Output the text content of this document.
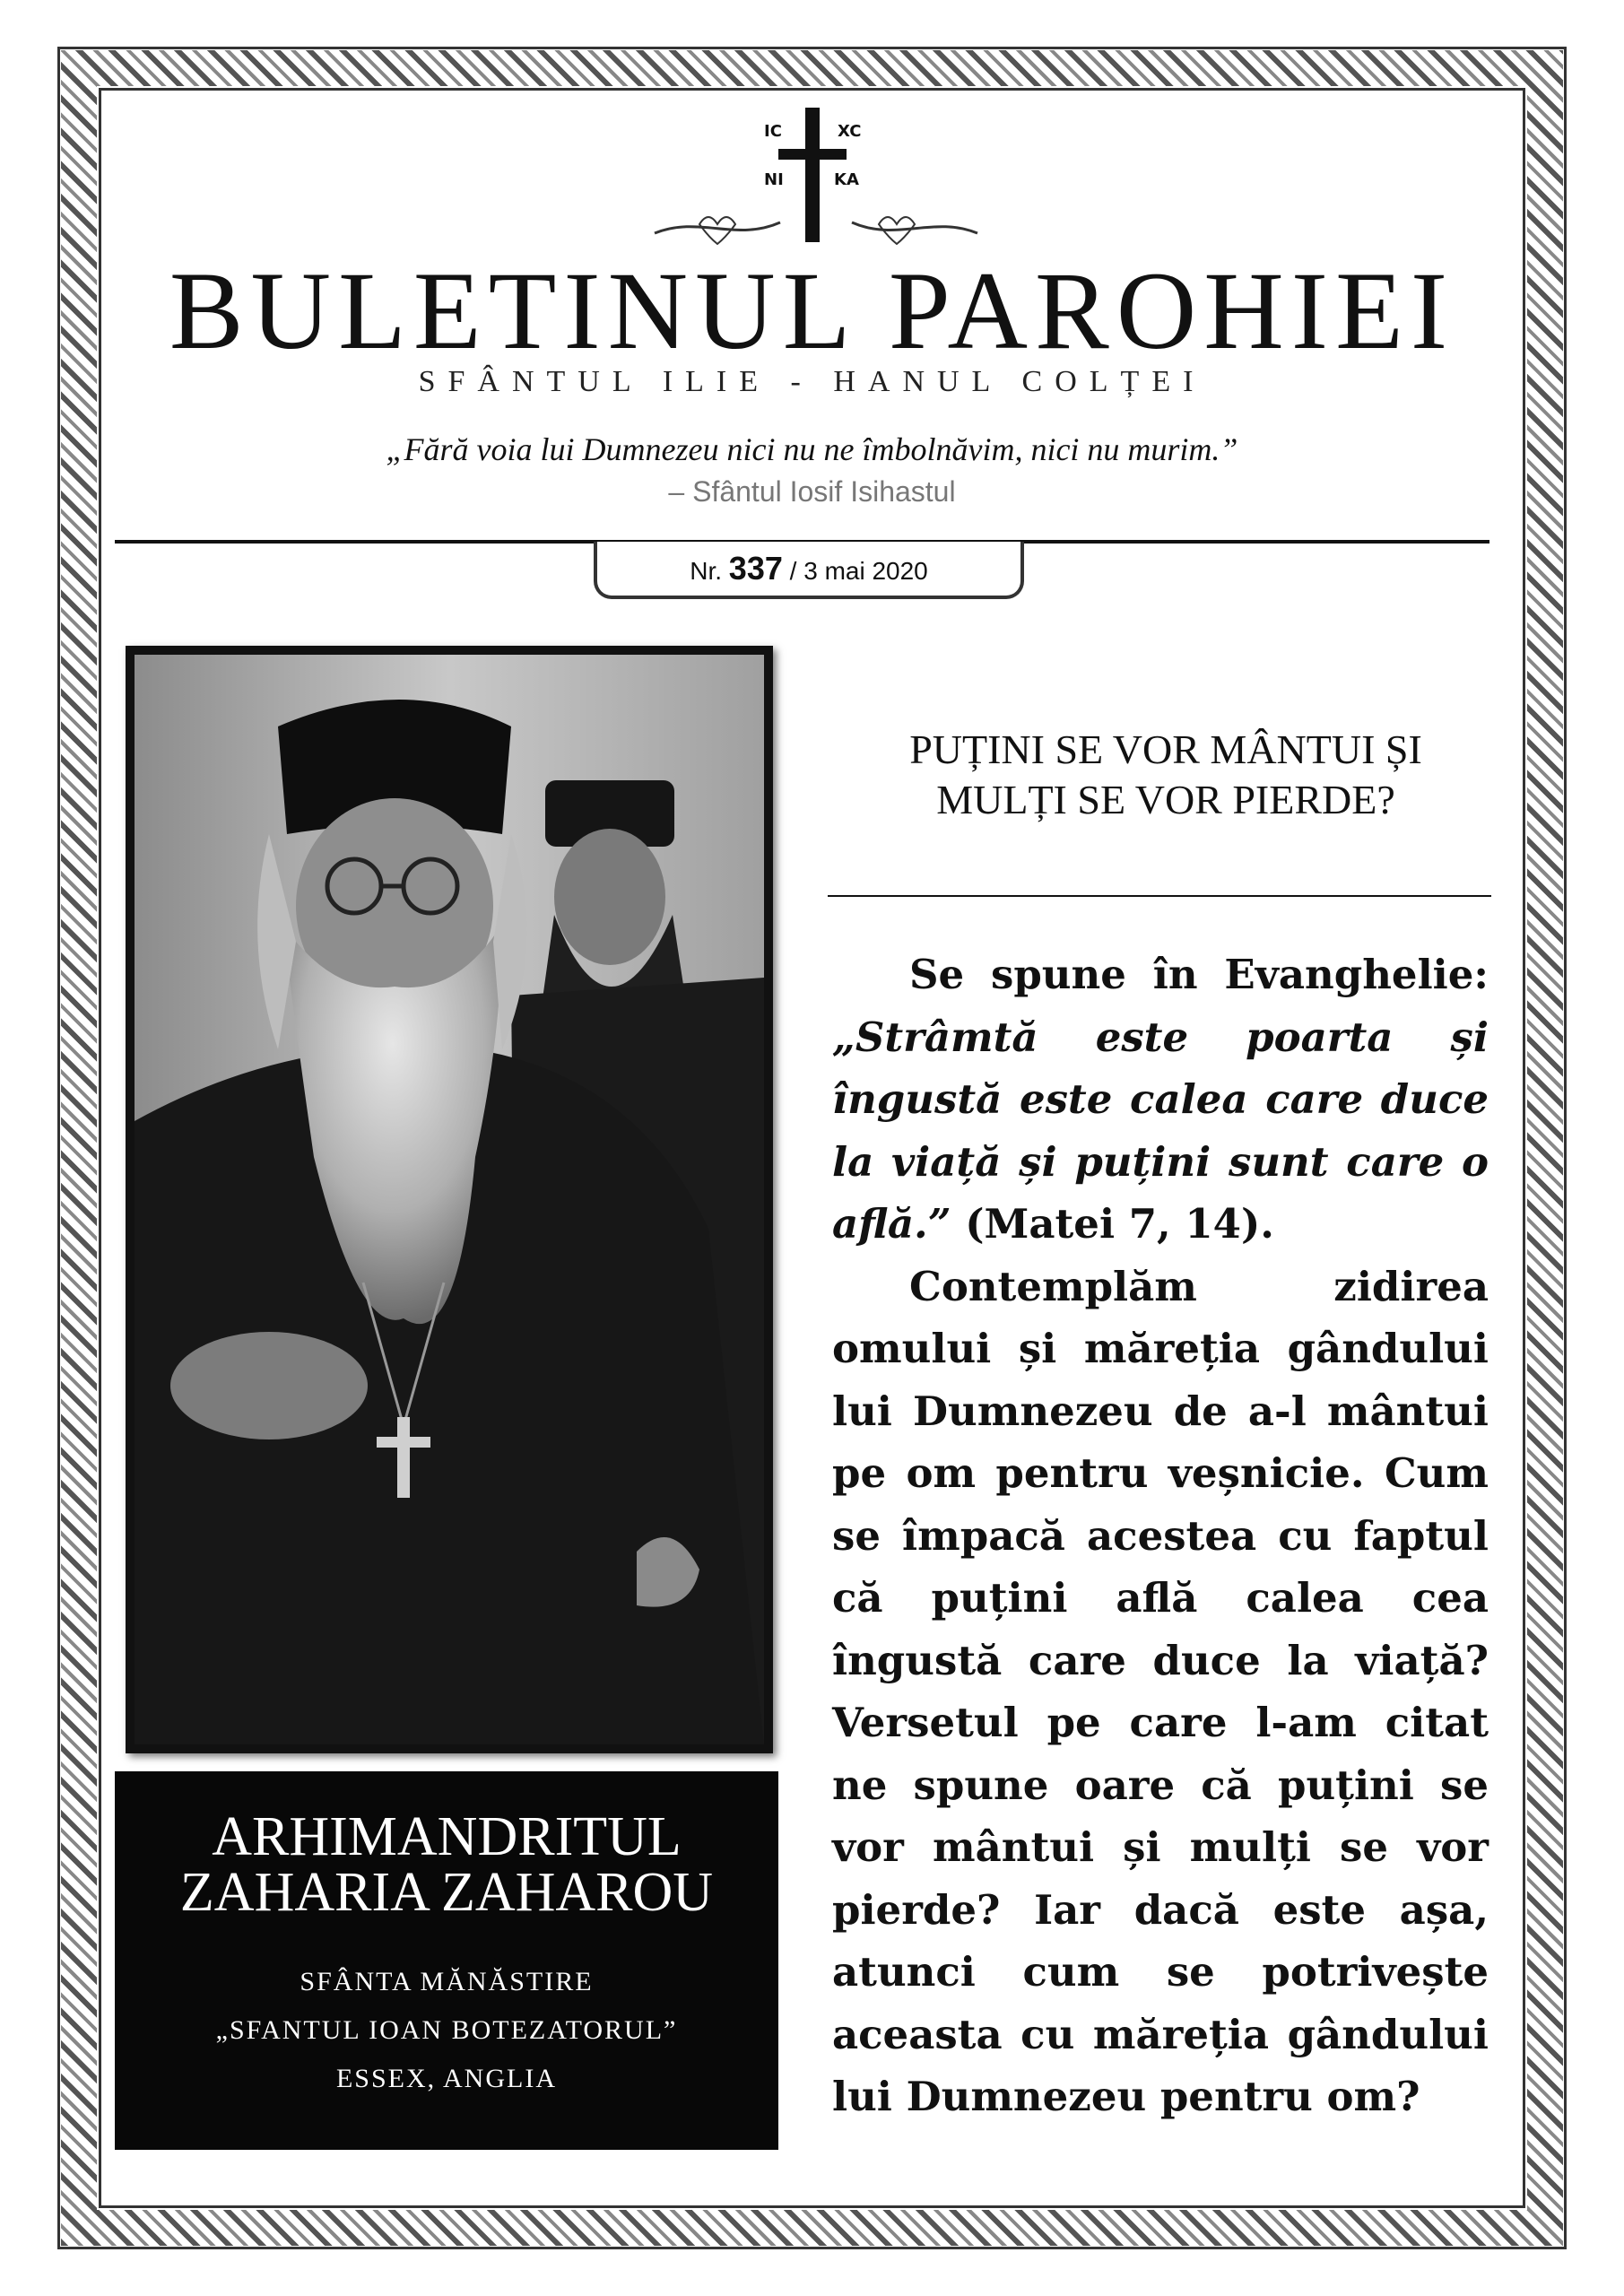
IC	XC
NI	KA
BULETINUL PAROHIEI
SFÂNTUL ILIE - HANUL COLȚEI
„Fără voia lui Dumnezeu nici nu ne îmbolnăvim, nici nu murim.”
– Sfântul Iosif Isihastul
Nr. 337 / 3 mai 2020
ARHIMANDRITUL
ZAHARIA ZAHAROU
SFÂNTA MĂNĂSTIRE
„SFANTUL IOAN BOTEZATORUL”
ESSEX, ANGLIA
PUȚINI SE VOR MÂNTUI ȘI
MULȚI SE VOR PIERDE?

Se spune în Evanghelie: „Strâmtă este poarta și îngustă este calea care duce la viață și puțini sunt care o află.” (Matei 7, 14).

Contemplăm zidirea omului și măreția gândului lui Dumnezeu de a-l mântui pe om pentru veșnicie. Cum se împacă acestea cu faptul că puțini află calea cea îngustă care duce la viață? Versetul pe care l-am citat ne spune oare că puțini se vor mântui și mulți se vor pierde? Iar dacă este așa, atunci cum se potrivește aceasta cu măreția gândului lui Dumnezeu pentru om?
